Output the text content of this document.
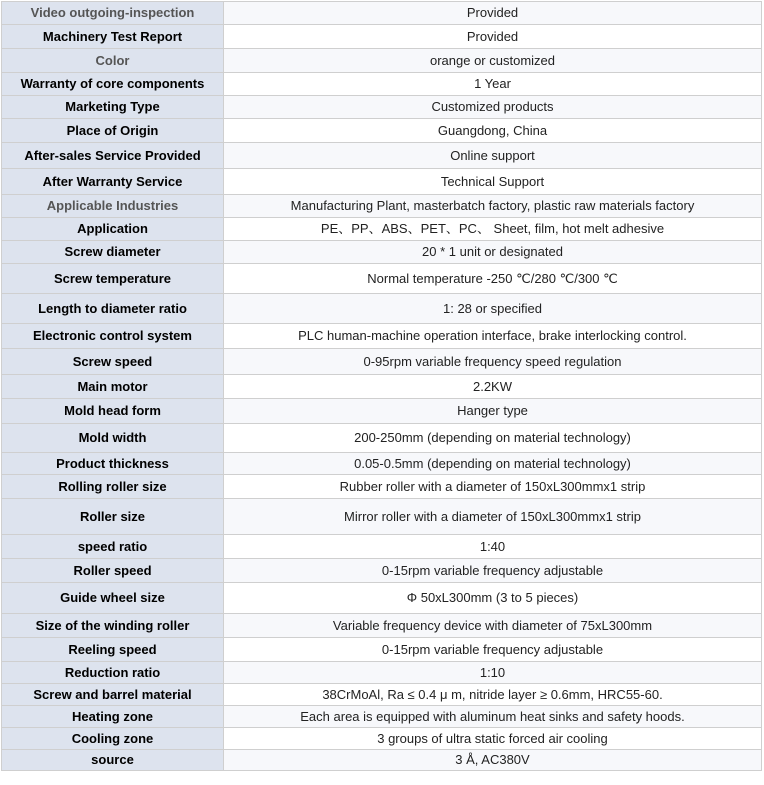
Video outgoing-inspection	Provided
Machinery Test Report	Provided
Color	orange or customized
Warranty of core components	1 Year
Marketing Type	Customized products
Place of Origin	Guangdong, China
After-sales Service Provided	Online support
After Warranty Service	Technical Support
Applicable Industries	Manufacturing Plant, masterbatch factory, plastic raw materials factory
Application	PE、PP、ABS、PET、PC、 Sheet, film, hot melt adhesive
Screw diameter	20 * 1 unit or designated
Screw temperature	Normal temperature -250 ℃/280 ℃/300 ℃
Length to diameter ratio	1: 28 or specified
Electronic control system	PLC human-machine operation interface, brake interlocking control.
Screw speed	0-95rpm variable frequency speed regulation
Main motor	2.2KW
Mold head form	Hanger type
Mold width	200-250mm (depending on material technology)
Product thickness	0.05-0.5mm (depending on material technology)
Rolling roller size	Rubber roller with a diameter of 150xL300mmx1 strip
Roller size	Mirror roller with a diameter of 150xL300mmx1 strip
speed ratio	1:40
Roller speed	0-15rpm variable frequency adjustable
Guide wheel size	Φ 50xL300mm (3 to 5 pieces)
Size of the winding roller	Variable frequency device with diameter of 75xL300mm
Reeling speed	0-15rpm variable frequency adjustable
Reduction ratio	1:10
Screw and barrel material	38CrMoAl, Ra ≤ 0.4 μ m, nitride layer ≥ 0.6mm, HRC55-60.
Heating zone	Each area is equipped with aluminum heat sinks and safety hoods.
Cooling zone	3 groups of ultra static forced air cooling
source	3 Å, AC380V
